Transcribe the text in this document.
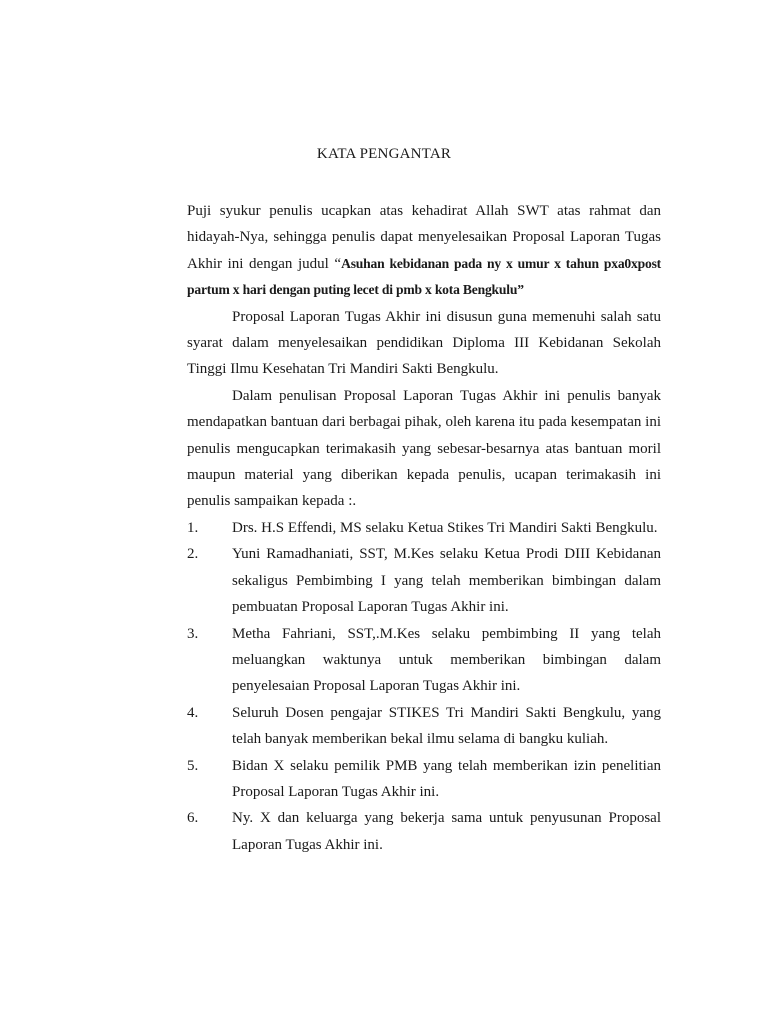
KATA PENGANTAR

Puji syukur penulis ucapkan atas kehadirat Allah SWT atas rahmat dan hidayah-Nya, sehingga penulis dapat menyelesaikan Proposal Laporan Tugas Akhir ini dengan judul “Asuhan kebidanan pada ny x umur x tahun pxa0xpost partum x hari dengan puting lecet di pmb x kota Bengkulu”

Proposal Laporan Tugas Akhir ini disusun guna memenuhi salah satu syarat dalam menyelesaikan pendidikan Diploma III Kebidanan Sekolah Tinggi Ilmu Kesehatan Tri Mandiri Sakti Bengkulu.

Dalam penulisan Proposal Laporan Tugas Akhir ini penulis banyak mendapatkan bantuan dari berbagai pihak, oleh karena itu pada kesempatan ini penulis mengucapkan terimakasih yang sebesar-besarnya atas bantuan moril maupun material yang diberikan kepada penulis, ucapan terimakasih ini penulis sampaikan kepada :.

1. Drs. H.S Effendi, MS selaku Ketua Stikes Tri Mandiri Sakti Bengkulu.
2. Yuni Ramadhaniati, SST, M.Kes selaku Ketua Prodi DIII Kebidanan sekaligus Pembimbing I yang telah memberikan bimbingan dalam pembuatan Proposal Laporan Tugas Akhir ini.
3. Metha Fahriani, SST,.M.Kes selaku pembimbing II yang telah meluangkan waktunya untuk memberikan bimbingan dalam penyelesaian Proposal Laporan Tugas Akhir ini.
4. Seluruh Dosen pengajar STIKES Tri Mandiri Sakti Bengkulu, yang telah banyak memberikan bekal ilmu selama di bangku kuliah.
5. Bidan X selaku pemilik PMB yang telah memberikan izin penelitian Proposal Laporan Tugas Akhir ini.
6. Ny. X dan keluarga yang bekerja sama untuk penyusunan Proposal Laporan Tugas Akhir ini.
